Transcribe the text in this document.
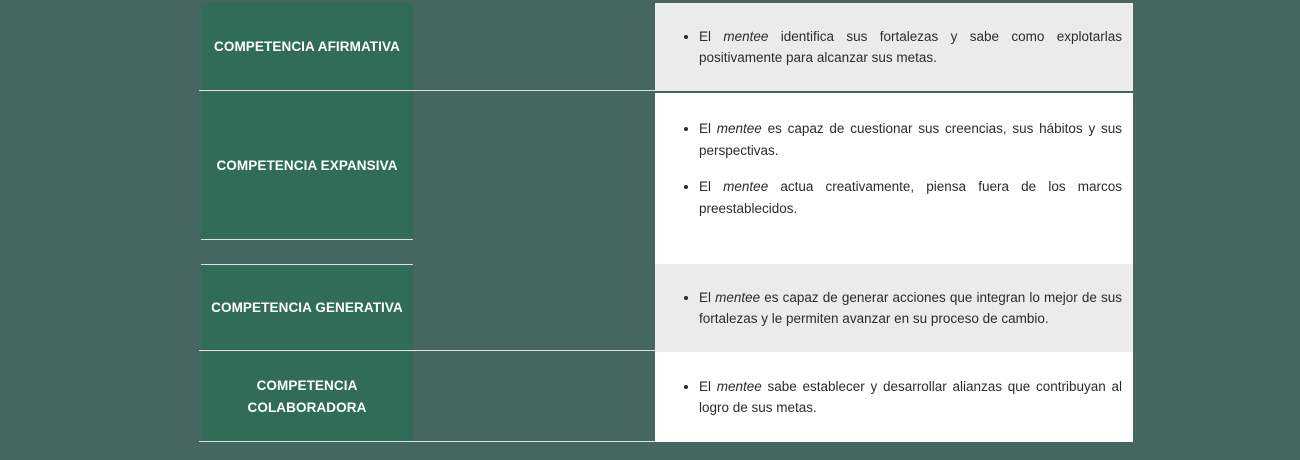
COMPETENCIA AFIRMATIVA
• El mentee identifica sus fortalezas y sabe como explotarlas positivamente para alcanzar sus metas.
COMPETENCIA EXPANSIVA
• El mentee es capaz de cuestionar sus creencias, sus hábitos y sus perspectivas.
• El mentee actua creativamente, piensa fuera de los marcos preestablecidos.
COMPETENCIA GENERATIVA
• El mentee es capaz de generar acciones que integran lo mejor de sus fortalezas y le permiten avanzar en su proceso de cambio.
COMPETENCIA
COLABORADORA
• El mentee sabe establecer y desarrollar alianzas que contribuyan al logro de sus metas.
